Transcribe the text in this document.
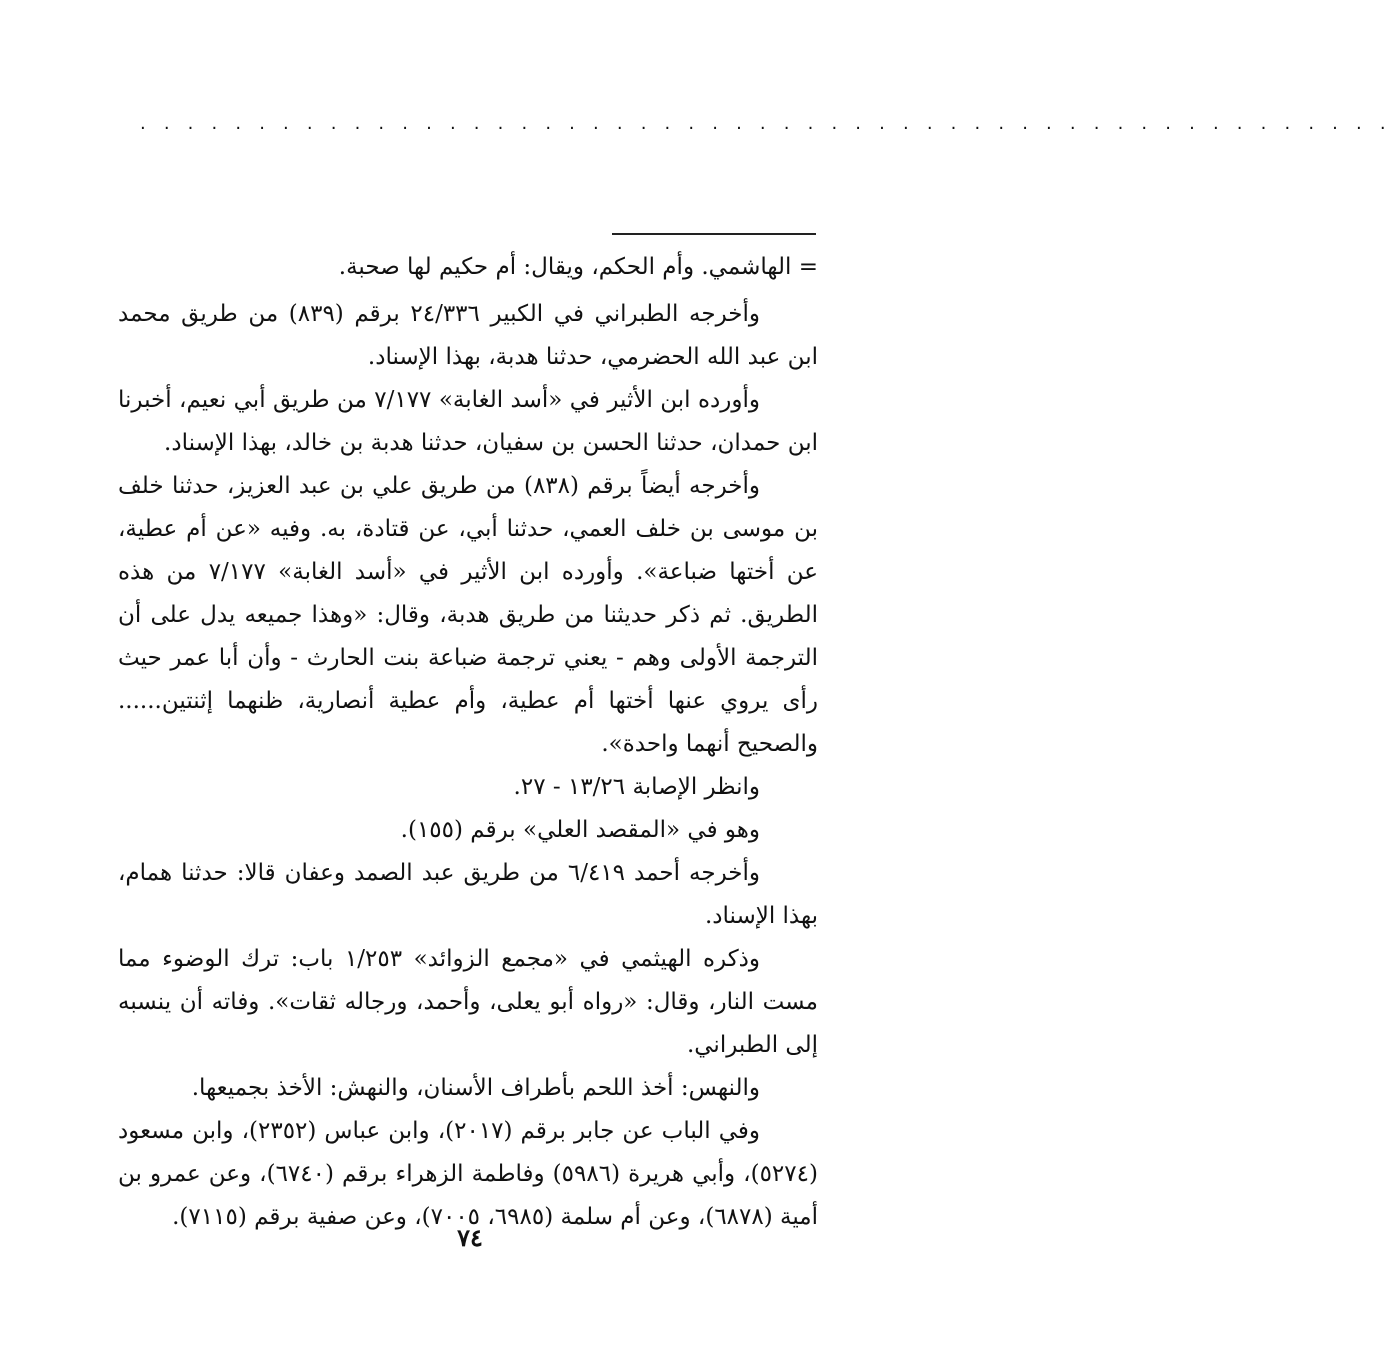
. . . . . . . . . . . . . . . . . . . . . . . . . . . . . . . . . . . . . . . . . . . . . . . . . . . . .

= الهاشمي. وأم الحكم، ويقال: أم حكيم لها صحبة.

وأخرجه الطبراني في الكبير ٢٤/٣٣٦ برقم (٨٣٩) من طريق محمد ابن عبد الله الحضرمي، حدثنا هدبة، بهذا الإسناد.

وأورده ابن الأثير في «أسد الغابة» ٧/١٧٧ من طريق أبي نعيم، أخبرنا ابن حمدان، حدثنا الحسن بن سفيان، حدثنا هدبة بن خالد، بهذا الإسناد.

وأخرجه أيضاً برقم (٨٣٨) من طريق علي بن عبد العزيز، حدثنا خلف بن موسى بن خلف العمي، حدثنا أبي، عن قتادة، به. وفيه «عن أم عطية، عن أختها ضباعة». وأورده ابن الأثير في «أسد الغابة» ٧/١٧٧ من هذه الطريق. ثم ذكر حديثنا من طريق هدبة، وقال: «وهذا جميعه يدل على أن الترجمة الأولى وهم - يعني ترجمة ضباعة بنت الحارث - وأن أبا عمر حيث رأى يروي عنها أختها أم عطية، وأم عطية أنصارية، ظنهما إثنتين...... والصحيح أنهما واحدة».

وانظر الإصابة ١٣/٢٦ - ٢٧.

وهو في «المقصد العلي» برقم (١٥٥).

وأخرجه أحمد ٦/٤١٩ من طريق عبد الصمد وعفان قالا: حدثنا همام، بهذا الإسناد.

وذكره الهيثمي في «مجمع الزوائد» ١/٢٥٣ باب: ترك الوضوء مما مست النار، وقال: «رواه أبو يعلى، وأحمد، ورجاله ثقات». وفاته أن ينسبه إلى الطبراني.

والنهس: أخذ اللحم بأطراف الأسنان، والنهش: الأخذ بجميعها.

وفي الباب عن جابر برقم (٢٠١٧)، وابن عباس (٢٣٥٢)، وابن مسعود (٥٢٧٤)، وأبي هريرة (٥٩٨٦) وفاطمة الزهراء برقم (٦٧٤٠)، وعن عمرو بن أمية (٦٨٧٨)، وعن أم سلمة (٦٩٨٥، ٧٠٠٥)، وعن صفية برقم (٧١١٥).

٧٤
